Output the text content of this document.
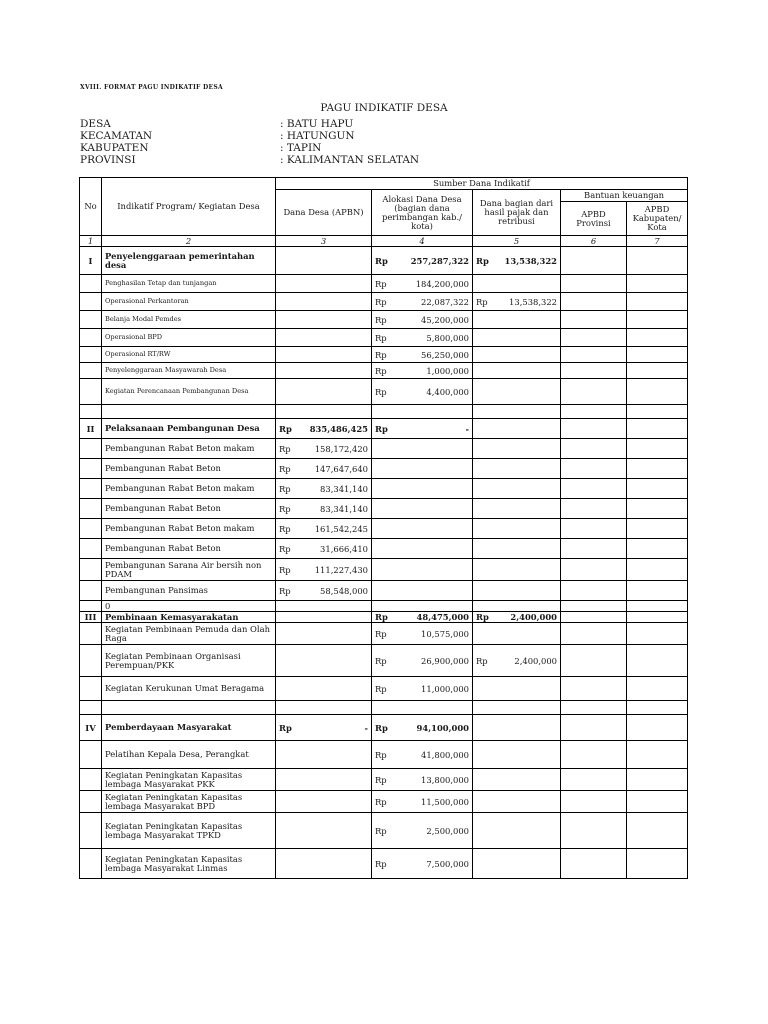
XVIII. FORMAT PAGU INDIKATIF DESA
PAGU INDIKATIF DESA
DESA	: BATU HAPU
KECAMATAN	: HATUNGUN
KABUPATEN	: TAPIN
PROVINSI	: KALIMANTAN SELATAN
No	Indikatif Program/ Kegiatan Desa	Sumber Dana Indikatif				
		Dana Desa (APBN)	Alokasi Dana Desa (bagian dana perimbangan kab./ kota)	Dana bagian dari hasil pajak dan retribusi	Bantuan keuangan	
					APBD Provinsi	APBD Kabupaten/ Kota
1	2	3	4	5	6	7
I	Penyelenggaraan pemerintahan desa		Rp 257,287,322	Rp 13,538,322		

	Penghasilan Tetap dan tunjangan		Rp 184,200,000			

	Operasional Perkantoran		Rp 22,087,322	Rp 13,538,322		

	Belanja Modal Pemdes		Rp 45,200,000			

	Operasional BPD		Rp 5,800,000			

	Operasional RT/RW		Rp 56,250,000			

	Penyelenggaraan Masyawarah Desa		Rp 1,000,000			

	Kegiatan Perencanaan Pembangunan Desa		Rp 4,400,000			

II	Pelaksanaan Pembangunan Desa	Rp 835,486,425	Rp -			

	Pembangunan Rabat Beton makam	Rp 158,172,420				

	Pembangunan Rabat Beton	Rp 147,647,640				

	Pembangunan Rabat Beton makam	Rp 83,341,140				

	Pembangunan Rabat Beton	Rp 83,341,140				

	Pembangunan Rabat Beton makam	Rp 161,542,245				

	Pembangunan Rabat Beton	Rp 31,666,410				

	Pembangunan Sarana Air bersih non PDAM	Rp 111,227,430				

	Pembangunan Pansimas	Rp 58,548,000				

	0					
III	Pembinaan Kemasyarakatan		Rp 48,475,000	Rp 2,400,000		

	Kegiatan Pembinaan Pemuda dan Olah Raga		Rp 10,575,000			

	Kegiatan Pembinaan Organisasi Perempuan/PKK		Rp 26,900,000	Rp 2,400,000		

	Kegiatan Kerukunan Umat Beragama		Rp 11,000,000			

IV	Pemberdayaan Masyarakat	Rp -	Rp 94,100,000			

	Pelatihan Kepala Desa, Perangkat		Rp 41,800,000			

	Kegiatan Peningkatan Kapasitas lembaga Masyarakat PKK		Rp 13,800,000			

	Kegiatan Peningkatan Kapasitas lembaga Masyarakat BPD		Rp 11,500,000			

	Kegiatan Peningkatan Kapasitas lembaga Masyarakat TPKD		Rp 2,500,000			

	Kegiatan Peningkatan Kapasitas lembaga Masyarakat Linmas		Rp 7,500,000			
